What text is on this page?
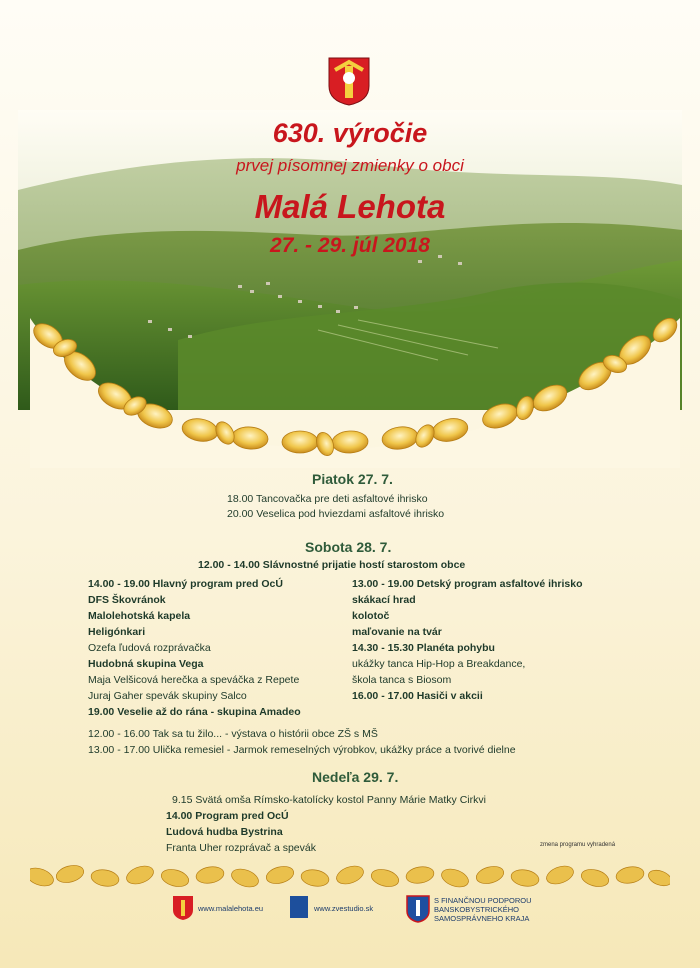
630. výročie
prvej písomnej zmienky o obci
Malá Lehota
27. - 29. júl 2018
Piatok 27. 7.
18.00 Tancovačka pre deti asfaltové ihrisko
20.00 Veselica pod hviezdami asfaltové ihrisko
Sobota 28. 7.
12.00 - 14.00 Slávnostné prijatie hostí starostom obce
14.00 - 19.00 Hlavný program pred OcÚ
DFS Škovránok
Malolehotská kapela
Heligónkari
Ozefa ľudová rozprávačka
Hudobná skupina Vega
Maja Velšicová herečka a speváčka z Repete
Juraj Gaher spevák skupiny Salco
19.00 Veselie až do rána - skupina Amadeo
13.00 - 19.00 Detský program asfaltové ihrisko
skákací hrad
kolotoč
maľovanie na tvár
14.30 - 15.30 Planéta pohybu
ukážky tanca Hip-Hop a Breakdance,
škola tanca s Biosom
16.00 - 17.00 Hasiči v akcii
12.00 - 16.00 Tak sa tu žilo... - výstava o histórii obce ZŠ s MŠ
13.00 - 17.00 Ulička remesiel - Jarmok remeselných výrobkov, ukážky práce a tvorivé dielne
Nedeľa 29. 7.
9.15 Svätá omša Rímsko-katolícky kostol Panny Márie Matky Cirkvi
14.00 Program pred OcÚ
Ľudová hudba Bystrina
Franta Uher rozprávač a spevák	zmena programu vyhradená
www.malalehota.eu	www.zvestudio.sk
S FINANČNOU PODPOROU
BANSKOBYSTRICKÉHO
SAMOSPRÁVNEHO KRAJA
